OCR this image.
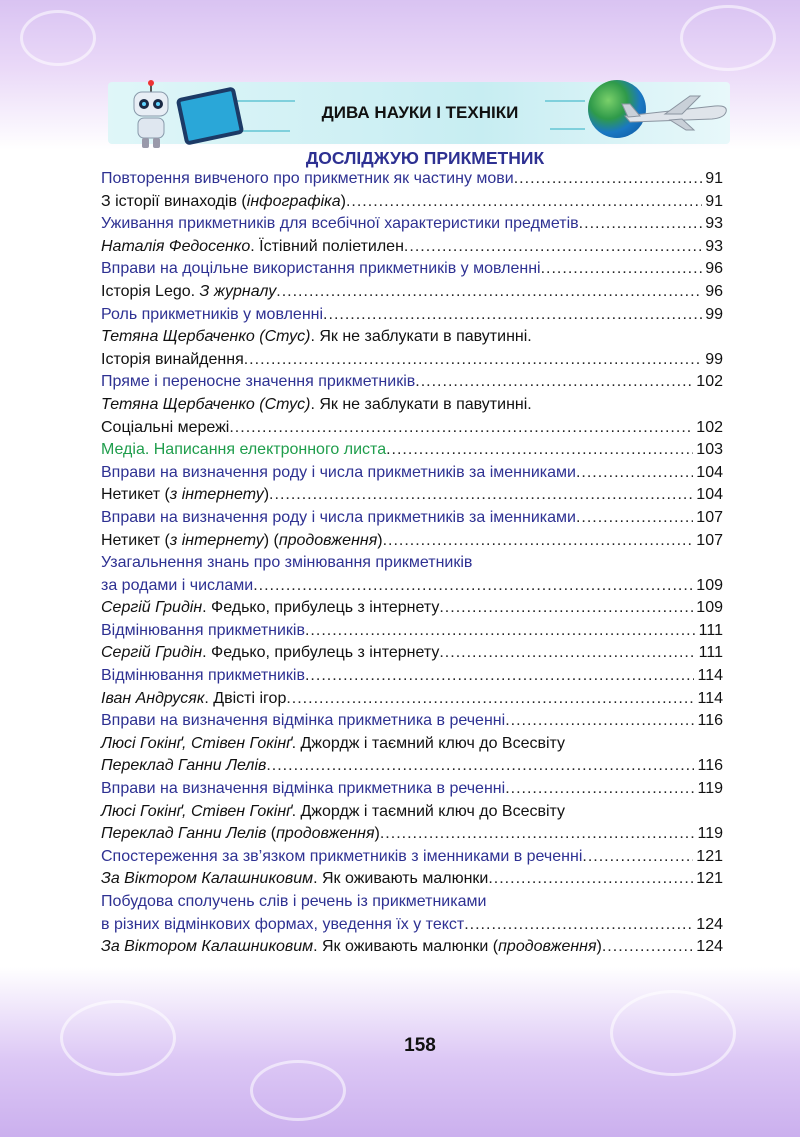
ДИВА НАУКИ І ТЕХНІКИ
ДОСЛІДЖУЮ ПРИКМЕТНИК
Повторення вивченого про прикметник як частину мови .....	91
З історії винаходів (інфографіка) .....	91
Уживання прикметників для всебічної характеристики предметів .....	93
Наталія Федосенко. Їстівний поліетилен .....	93
Вправи на доцільне використання прикметників у мовленні .....	96
Історія Lego. З журналу .....	96
Роль прикметників у мовленні .....	99
Тетяна Щербаченко (Стус). Як не заблукати в павутинні.
Історія винайдення .....	99
Пряме і переносне значення прикметників .....	102
Тетяна Щербаченко (Стус). Як не заблукати в павутинні.
Соціальні мережі .....	102
Медіа. Написання електронного листа .....	103
Вправи на визначення роду і числа прикметників за іменниками .....	104
Нетикет (з інтернету) .....	104
Вправи на визначення роду і числа прикметників за іменниками .....	107
Нетикет (з інтернету) (продовження) .....	107
Узагальнення знань про змінювання прикметників
за родами і числами .....	109
Сергій Гридін. Федько, прибулець з інтернету .....	109
Відмінювання прикметників .....	111
Сергій Гридін. Федько, прибулець з інтернету .....	111
Відмінювання прикметників .....	114
Іван Андрусяк. Двісті ігор .....	114
Вправи на визначення відмінка прикметника в реченні .....	116
Люсі Гокінґ, Стівен Гокінґ. Джордж і таємний ключ до Всесвіту
Переклад Ганни Лелів .....	116
Вправи на визначення відмінка прикметника в реченні .....	119
Люсі Гокінґ, Стівен Гокінґ. Джордж і таємний ключ до Всесвіту
Переклад Ганни Лелів (продовження) .....	119
Спостереження за зв’язком прикметників з іменниками в реченні .....	121
За Віктором Калашниковим. Як оживають малюнки .....	121
Побудова сполучень слів і речень із прикметниками
в різних відмінкових формах, уведення їх у текст .....	124
За Віктором Калашниковим. Як оживають малюнки (продовження) .....	124
158
